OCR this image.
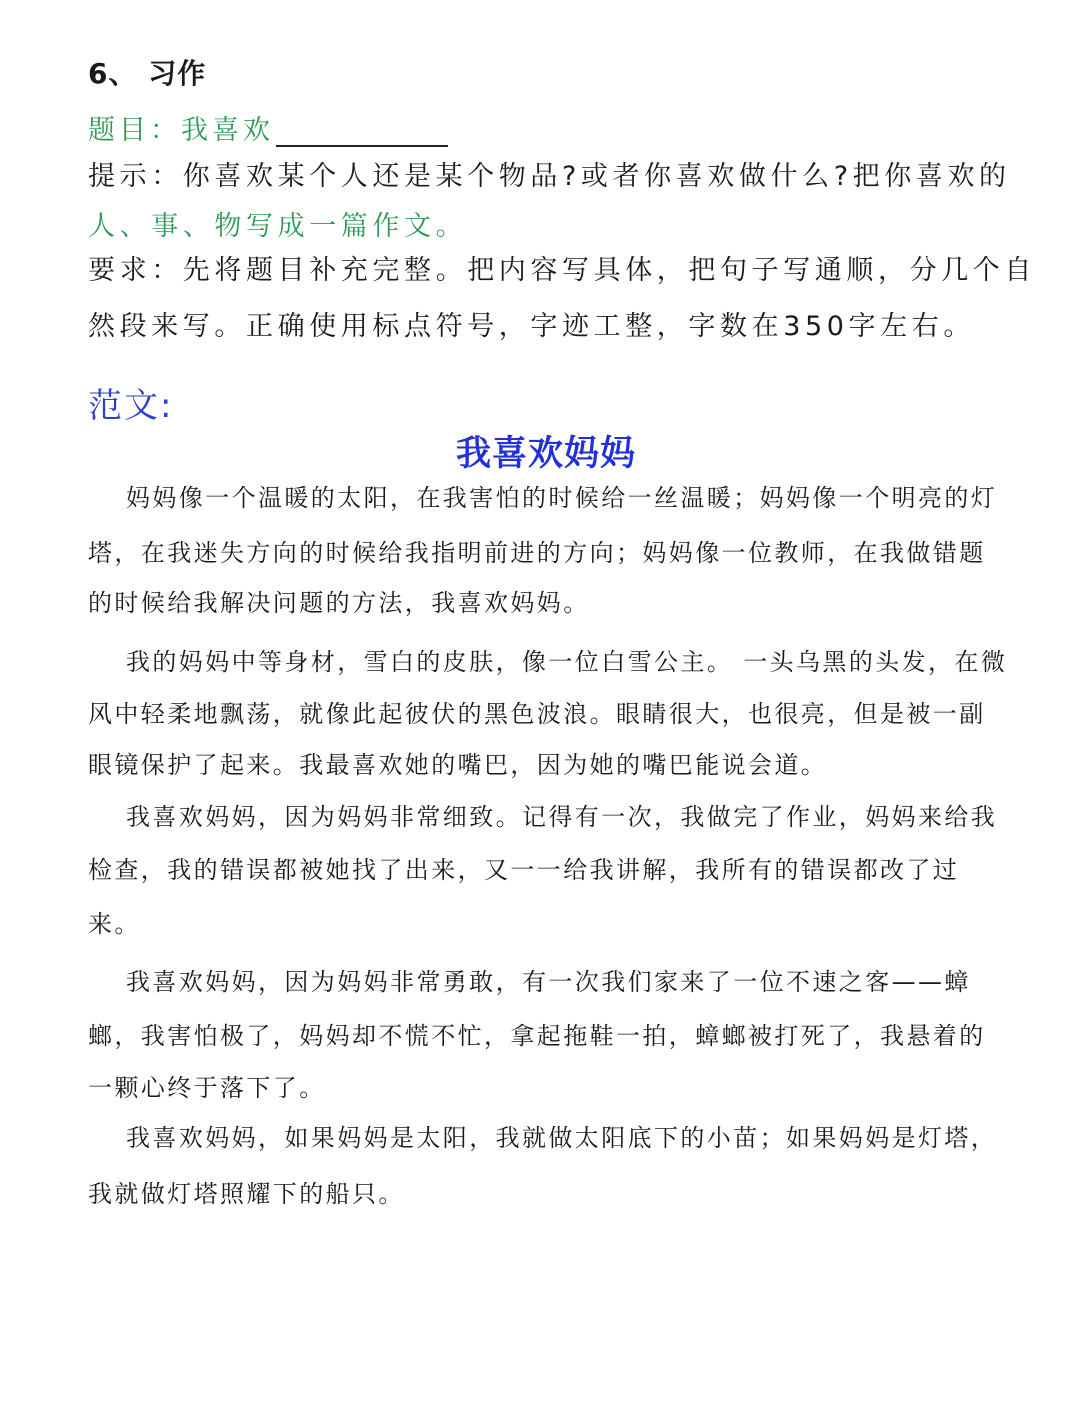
6、 习作
题目：我喜欢
提示：你喜欢某个人还是某个物品?或者你喜欢做什么?把你喜欢的
人、事、物写成一篇作文。
要求：先将题目补充完整。把内容写具体，把句子写通顺，分几个自
然段来写。正确使用标点符号，字迹工整，字数在350字左右。
范文:
我喜欢妈妈
妈妈像一个温暖的太阳，在我害怕的时候给一丝温暖；妈妈像一个明亮的灯
塔，在我迷失方向的时候给我指明前进的方向；妈妈像一位教师，在我做错题
的时候给我解决问题的方法，我喜欢妈妈。
我的妈妈中等身材，雪白的皮肤，像一位白雪公主。 一头乌黑的头发，在微
风中轻柔地飘荡，就像此起彼伏的黑色波浪。眼睛很大，也很亮，但是被一副
眼镜保护了起来。我最喜欢她的嘴巴，因为她的嘴巴能说会道。
我喜欢妈妈，因为妈妈非常细致。记得有一次，我做完了作业，妈妈来给我
检查，我的错误都被她找了出来，又一一给我讲解，我所有的错误都改了过
来。
我喜欢妈妈，因为妈妈非常勇敢，有一次我们家来了一位不速之客——蟑
螂，我害怕极了，妈妈却不慌不忙，拿起拖鞋一拍，蟑螂被打死了，我悬着的
一颗心终于落下了。
我喜欢妈妈，如果妈妈是太阳，我就做太阳底下的小苗；如果妈妈是灯塔，
我就做灯塔照耀下的船只。
